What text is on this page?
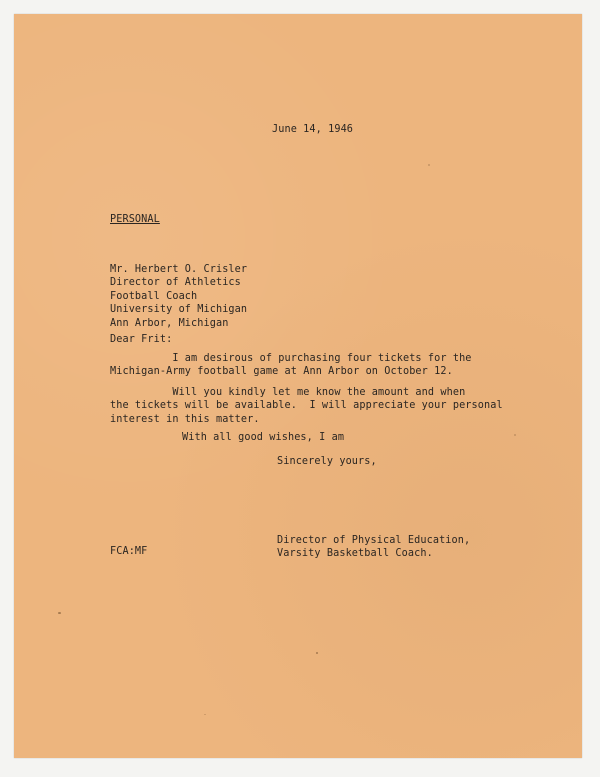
June 14, 1946
PERSONAL
Mr. Herbert O. Crisler
Director of Athletics
Football Coach
University of Michigan
Ann Arbor, Michigan
Dear Frit:
I am desirous of purchasing four tickets for the
Michigan-Army football game at Ann Arbor on October 12.
Will you kindly let me know the amount and when
the tickets will be available.  I will appreciate your personal
interest in this matter.
With all good wishes, I am
Sincerely yours,
Director of Physical Education,
Varsity Basketball Coach.
FCA:MF
